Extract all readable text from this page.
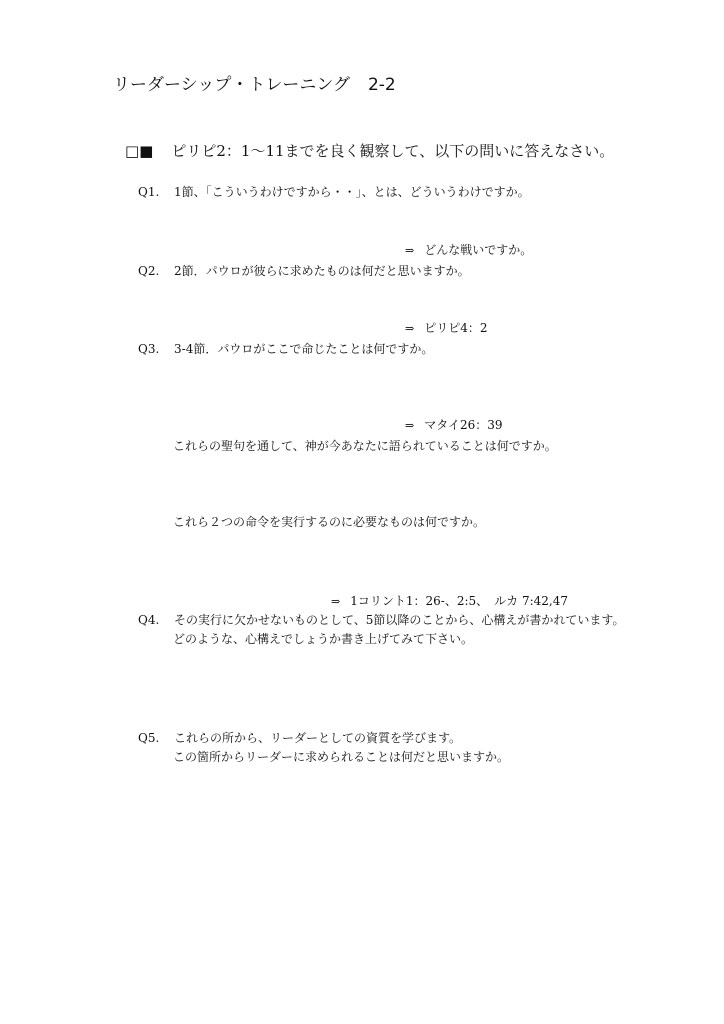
リーダーシップ・トレーニング 2-2
□■ ピリピ2：1〜11までを良く観察して、以下の問いに答えなさい。
Q1. 1節、「こういうわけですから・・」、とは、どういうわけですか。
⇒ どんな戦いですか。
Q2. 2節．パウロが彼らに求めたものは何だと思いますか。
⇒ ピリピ4：2
Q3. 3-4節．パウロがここで命じたことは何ですか。
⇒ マタイ26：39
これらの聖句を通して、神が今あなたに語られていることは何ですか。
これら２つの命令を実行するのに必要なものは何ですか。
⇒ 1コリント1：26-、2:5、　ルカ 7:42,47
Q4. その実行に欠かせないものとして、5節以降のことから、心構えが書かれています。
どのような、心構えでしょうか書き上げてみて下さい。
Q5. これらの所から、リーダーとしての資質を学びます。
この箇所からリーダーに求められることは何だと思いますか。
